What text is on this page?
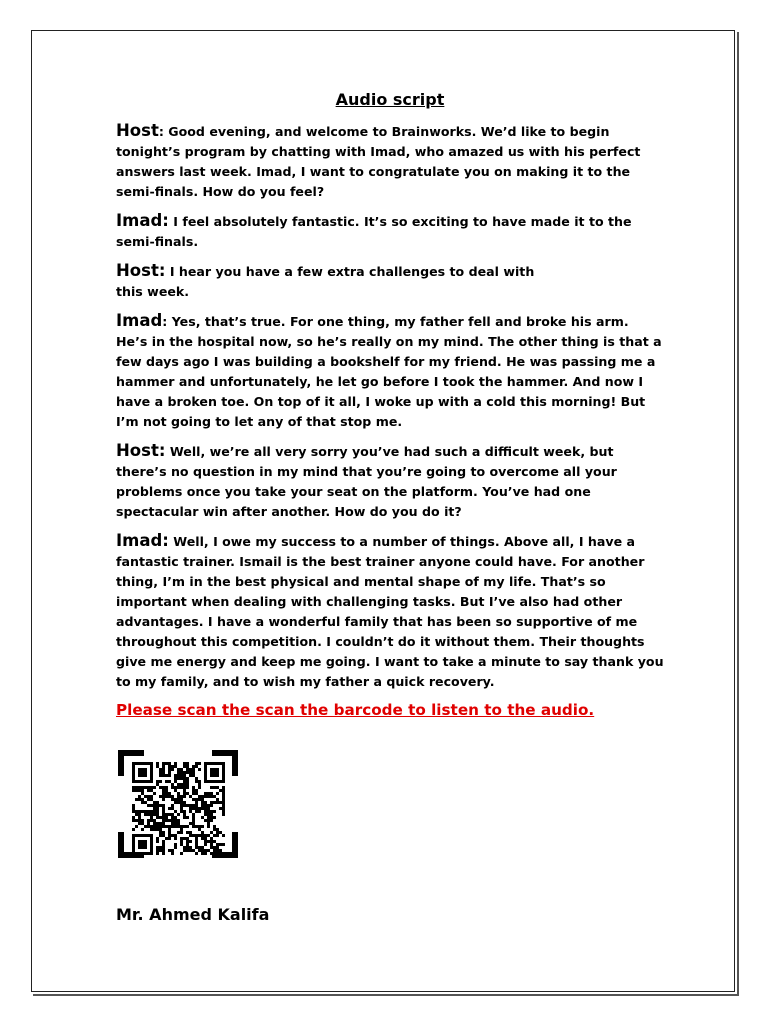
Audio script

Host: Good evening, and welcome to Brainworks. We’d like to begin tonight’s program by chatting with Imad, who amazed us with his perfect answers last week. Imad, I want to congratulate you on making it to the semi-finals. How do you feel?

Imad: I feel absolutely fantastic. It’s so exciting to have made it to the semi-finals.

Host: I hear you have a few extra challenges to deal with this week.

Imad: Yes, that’s true. For one thing, my father fell and broke his arm. He’s in the hospital now, so he’s really on my mind. The other thing is that a few days ago I was building a bookshelf for my friend. He was passing me a hammer and unfortunately, he let go before I took the hammer. And now I have a broken toe. On top of it all, I woke up with a cold this morning! But I’m not going to let any of that stop me.

Host: Well, we’re all very sorry you’ve had such a difficult week, but there’s no question in my mind that you’re going to overcome all your problems once you take your seat on the platform. You’ve had one spectacular win after another. How do you do it?

Imad: Well, I owe my success to a number of things. Above all, I have a fantastic trainer. Ismail is the best trainer anyone could have. For another thing, I’m in the best physical and mental shape of my life. That’s so important when dealing with challenging tasks. But I’ve also had other advantages. I have a wonderful family that has been so supportive of me throughout this competition. I couldn’t do it without them. Their thoughts give me energy and keep me going. I want to take a minute to say thank you to my family, and to wish my father a quick recovery.

Please scan the scan the barcode to listen to the audio.

Mr. Ahmed Kalifa
